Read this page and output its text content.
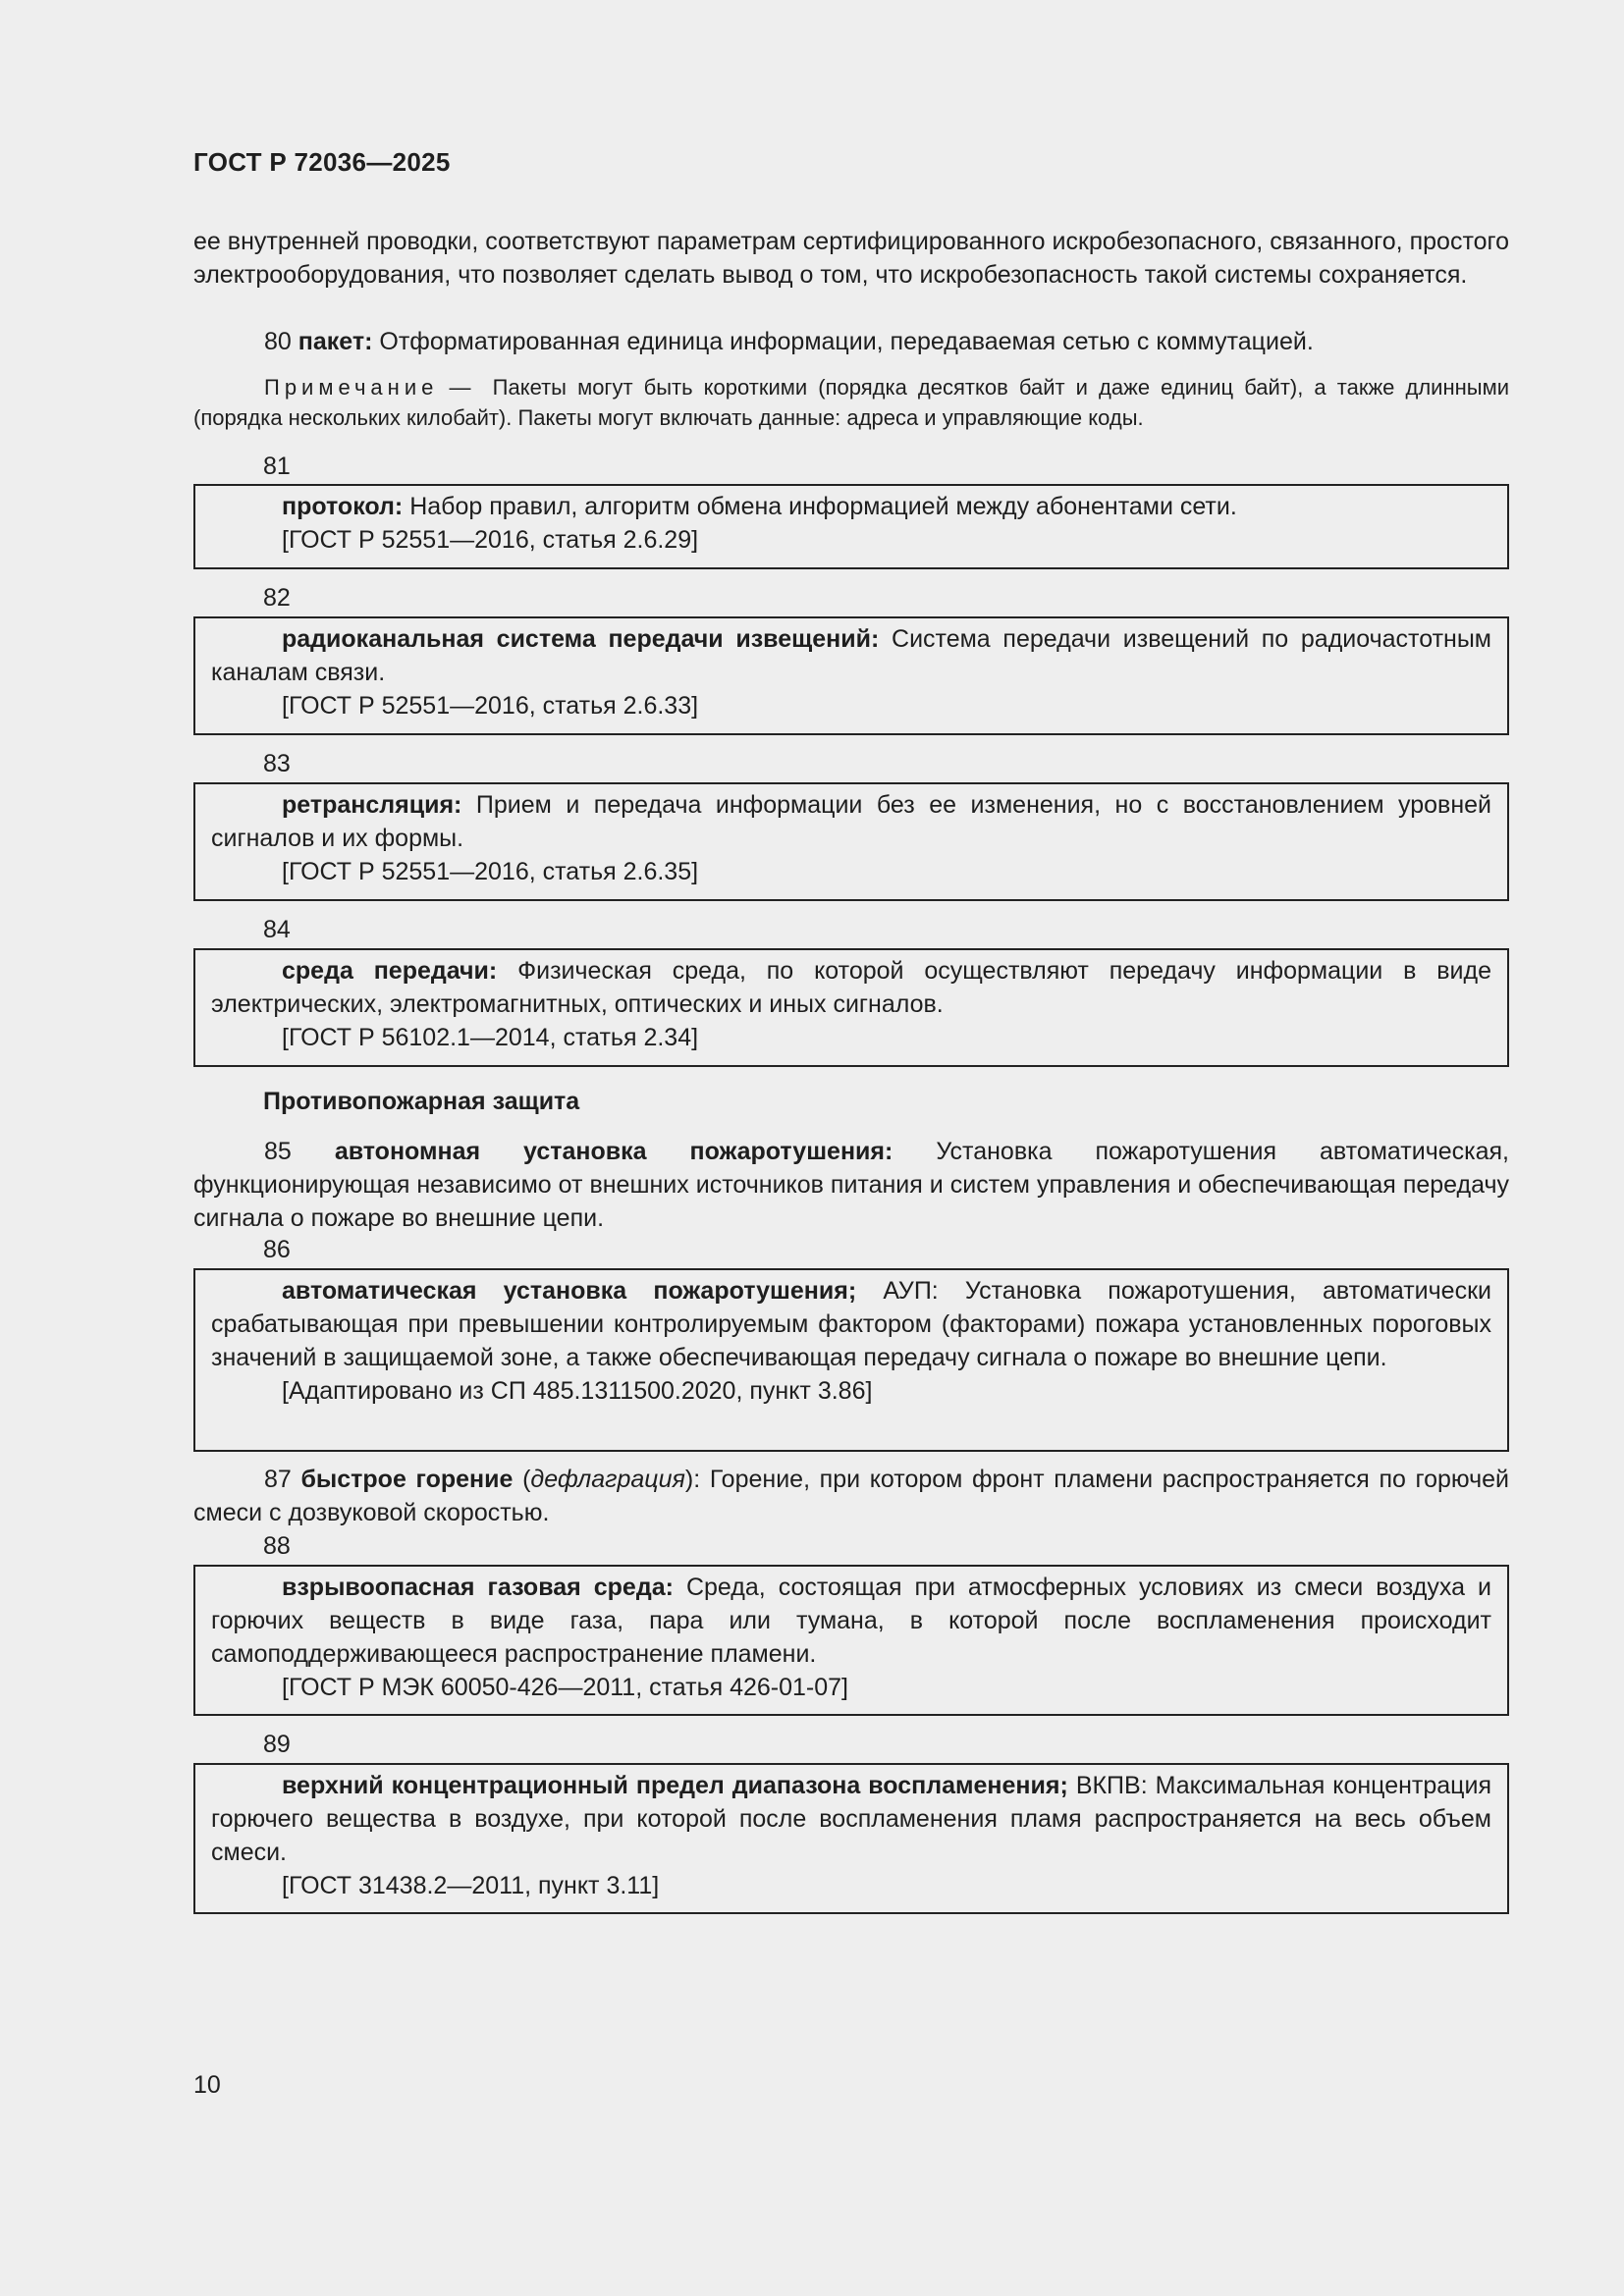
ГОСТ Р 72036—2025
ее внутренней проводки, соответствуют параметрам сертифицированного искробезопасного, связанного, простого электрооборудования, что позволяет сделать вывод о том, что искробезопасность такой системы сохраняется.
80 пакет: Отформатированная единица информации, передаваемая сетью с коммутацией.
Примечание — Пакеты могут быть короткими (порядка десятков байт и даже единиц байт), а также длинными (порядка нескольких килобайт). Пакеты могут включать данные: адреса и управляющие коды.
81

протокол: Набор правил, алгоритм обмена информацией между абонентами сети.

[ГОСТ Р 52551—2016, статья 2.6.29]

82

радиоканальная система передачи извещений: Система передачи извещений по радиочастотным каналам связи.

[ГОСТ Р 52551—2016, статья 2.6.33]

83

ретрансляция: Прием и передача информации без ее изменения, но с восстановлением уровней сигналов и их формы.

[ГОСТ Р 52551—2016, статья 2.6.35]

84

среда передачи: Физическая среда, по которой осуществляют передачу информации в виде электрических, электромагнитных, оптических и иных сигналов.

[ГОСТ Р 56102.1—2014, статья 2.34]

Противопожарная защита
85 автономная установка пожаротушения: Установка пожаротушения автоматическая, функционирующая независимо от внешних источников питания и систем управления и обеспечивающая передачу сигнала о пожаре во внешние цепи.
86

автоматическая установка пожаротушения; АУП: Установка пожаротушения, автоматически срабатывающая при превышении контролируемым фактором (факторами) пожара установленных пороговых значений в защищаемой зоне, а также обеспечивающая передачу сигнала о пожаре во внешние цепи.

[Адаптировано из СП 485.1311500.2020, пункт 3.86]

87 быстрое горение (дефлаграция): Горение, при котором фронт пламени распространяется по горючей смеси с дозвуковой скоростью.
88

взрывоопасная газовая среда: Среда, состоящая при атмосферных условиях из смеси воздуха и горючих веществ в виде газа, пара или тумана, в которой после воспламенения происходит самоподдерживающееся распространение пламени.

[ГОСТ Р МЭК 60050-426—2011, статья 426-01-07]

89

верхний концентрационный предел диапазона воспламенения; ВКПВ: Максимальная концентрация горючего вещества в воздухе, при которой после воспламенения пламя распространяется на весь объем смеси.

[ГОСТ 31438.2—2011, пункт 3.11]

10
